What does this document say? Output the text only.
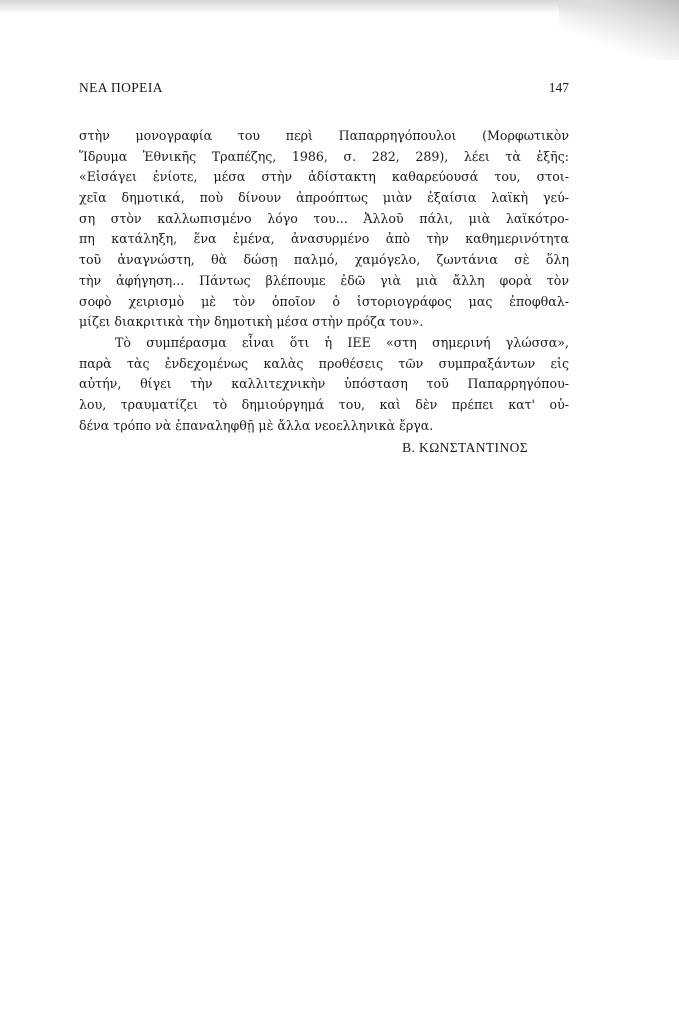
ΝΕΑ ΠΟΡΕΙΑ	147
στὴν μονογραφία του περὶ Παπαρρηγόπουλοι (Μορφωτικὸν
Ἵδρυμα Ἐθνικῆς Τραπέζης, 1986, σ. 282, 289), λέει τὰ ἑξῆς:
«Εἰσάγει ἐνίοτε, μέσα στὴν ἀδίστακτη καθαρεύουσά του, στοι-
χεῖα δημοτικά, ποὺ δίνουν ἀπροόπτως μιὰν ἐξαίσια λαϊκὴ γεύ-
ση στὸν καλλωπισμένο λόγο του... Ἀλλοῦ πάλι, μιὰ λαϊκότρο-
πη κατάληξη, ἕνα ἐμένα, ἀνασυρμένο ἀπὸ τὴν καθημερινότητα
τοῦ ἀναγνώστη, θὰ δώσῃ παλμό, χαμόγελο, ζωντάνια σὲ ὅλη
τὴν ἀφήγηση... Πάντως βλέπουμε ἐδῶ γιὰ μιὰ ἄλλη φορὰ τὸν
σοφὸ χειρισμὸ μὲ τὸν ὁποῖον ὁ ἱστοριογράφος μας ἐποφθαλ-
μίζει διακριτικὰ τὴν δημοτικὴ μέσα στὴν πρόζα του».
Τὸ συμπέρασμα εἶναι ὅτι ἡ ΙΕΕ «στη σημερινή γλώσσα»,
παρὰ τὰς ἐνδεχομένως καλὰς προθέσεις τῶν συμπραξάντων εἰς
αὐτήν, θίγει τὴν καλλιτεχνικὴν ὑπόσταση τοῦ Παπαρρηγόπου-
λου, τραυματίζει τὸ δημιούργημά του, καὶ δὲν πρέπει κατ' οὐ-
δένα τρόπο νὰ ἐπαναληφθῇ μὲ ἄλλα νεοελληνικὰ ἔργα.
Β. ΚΩΝΣΤΑΝΤΙΝΟΣ
